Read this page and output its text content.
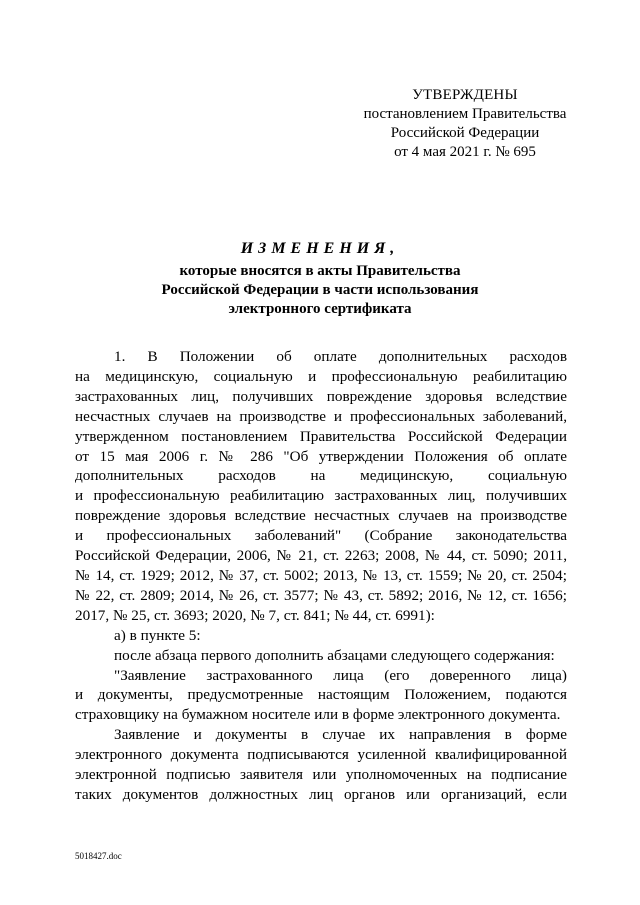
УТВЕРЖДЕНЫ
постановлением Правительства
Российской Федерации
от 4 мая 2021 г. № 695
ИЗМЕНЕНИЯ,
которые вносятся в акты Правительства
Российской Федерации в части использования
электронного сертификата
1. В Положении об оплате дополнительных расходов
на медицинскую, социальную и профессиональную реабилитацию
застрахованных лиц, получивших повреждение здоровья вследствие
несчастных случаев на производстве и профессиональных заболеваний,
утвержденном постановлением Правительства Российской Федерации
от 15 мая 2006 г. № 286 "Об утверждении Положения об оплате
дополнительных расходов на медицинскую, социальную
и профессиональную реабилитацию застрахованных лиц, получивших
повреждение здоровья вследствие несчастных случаев на производстве
и профессиональных заболеваний" (Собрание законодательства
Российской Федерации, 2006, № 21, ст. 2263; 2008, № 44, ст. 5090; 2011,
№ 14, ст. 1929; 2012, № 37, ст. 5002; 2013, № 13, ст. 1559; № 20, ст. 2504;
№ 22, ст. 2809; 2014, № 26, ст. 3577; № 43, ст. 5892; 2016, № 12, ст. 1656;
2017, № 25, ст. 3693; 2020, № 7, ст. 841; № 44, ст. 6991):
а) в пункте 5:
после абзаца первого дополнить абзацами следующего содержания:
"Заявление застрахованного лица (его доверенного лица)
и документы, предусмотренные настоящим Положением, подаются
страховщику на бумажном носителе или в форме электронного документа.
Заявление и документы в случае их направления в форме
электронного документа подписываются усиленной квалифицированной
электронной подписью заявителя или уполномоченных на подписание
таких документов должностных лиц органов или организаций, если
5018427.doc
